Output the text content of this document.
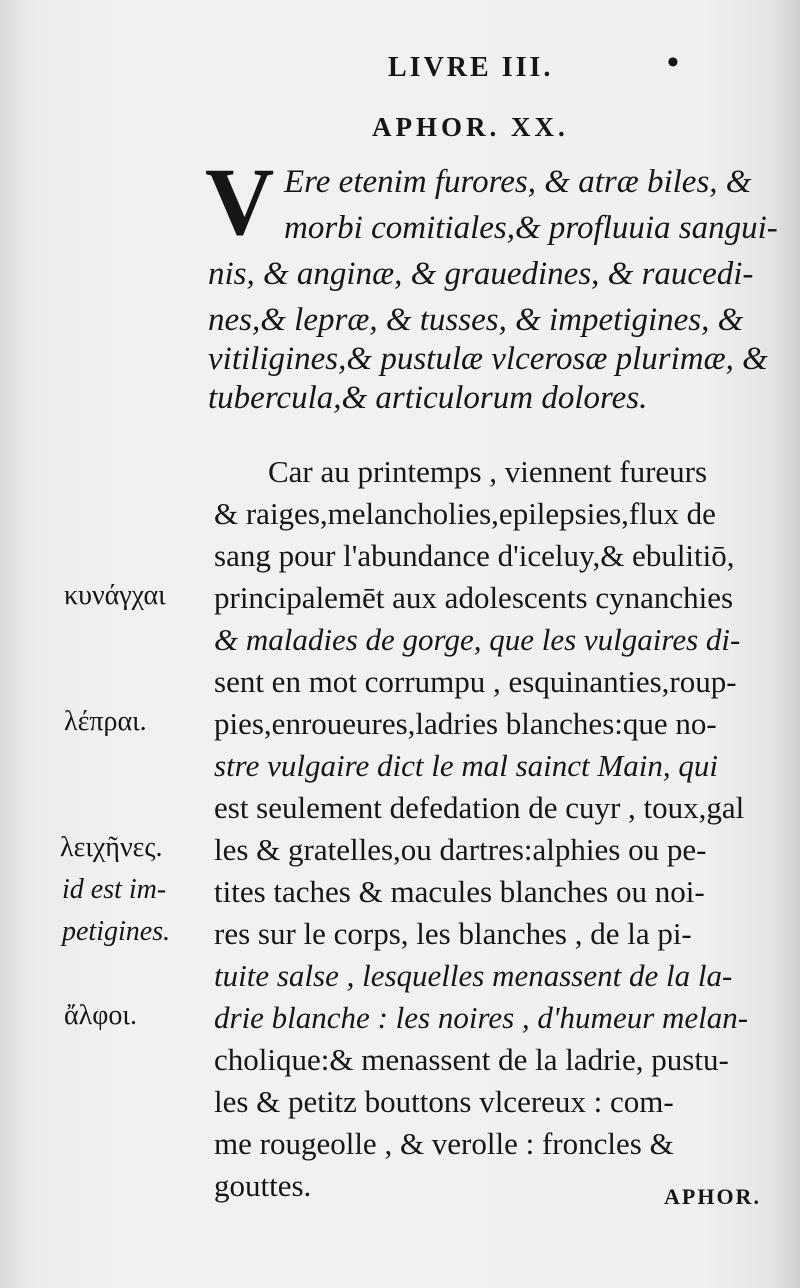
LIVRE III.	•
APHOR. XX.
V Ere etenim furores, & atræ biles, &
morbi comitiales,& profluuia sangui-
nis, & anginæ, & grauedines, & raucedi-
nes,& lepræ, & tusses, & impetigines, &
vitiligines,& pustulæ vlcerosæ plurimæ, &
tubercula,& articulorum dolores.
Car au printemps , viennent fureurs
& raiges,melancholies,epilepsies,flux de
sang pour l'abundance d'iceluy,& ebulitiō,
principalemēt aux adolescents cynanchies
& maladies de gorge, que les vulgaires di-
sent en mot corrumpu , esquinanties,roup-
pies,enroueures,ladries blanches:que no-
stre vulgaire dict le mal sainct Main, qui
est seulement defedation de cuyr , toux,gal
les & gratelles,ou dartres:alphies ou pe-
tites taches & macules blanches ou noi-
res sur le corps, les blanches , de la pi-
tuite salse , lesquelles menassent de la la-
drie blanche : les noires , d'humeur melan-
cholique:& menassent de la ladrie, pustu-
les & petitz bouttons vlcereux : com-
me rougeolle , & verolle : froncles &
gouttes.
κυνάγχαι
λέπραι.
λειχῆνες.
id est im-
petigines.
ἄλφοι.
APHOR.
